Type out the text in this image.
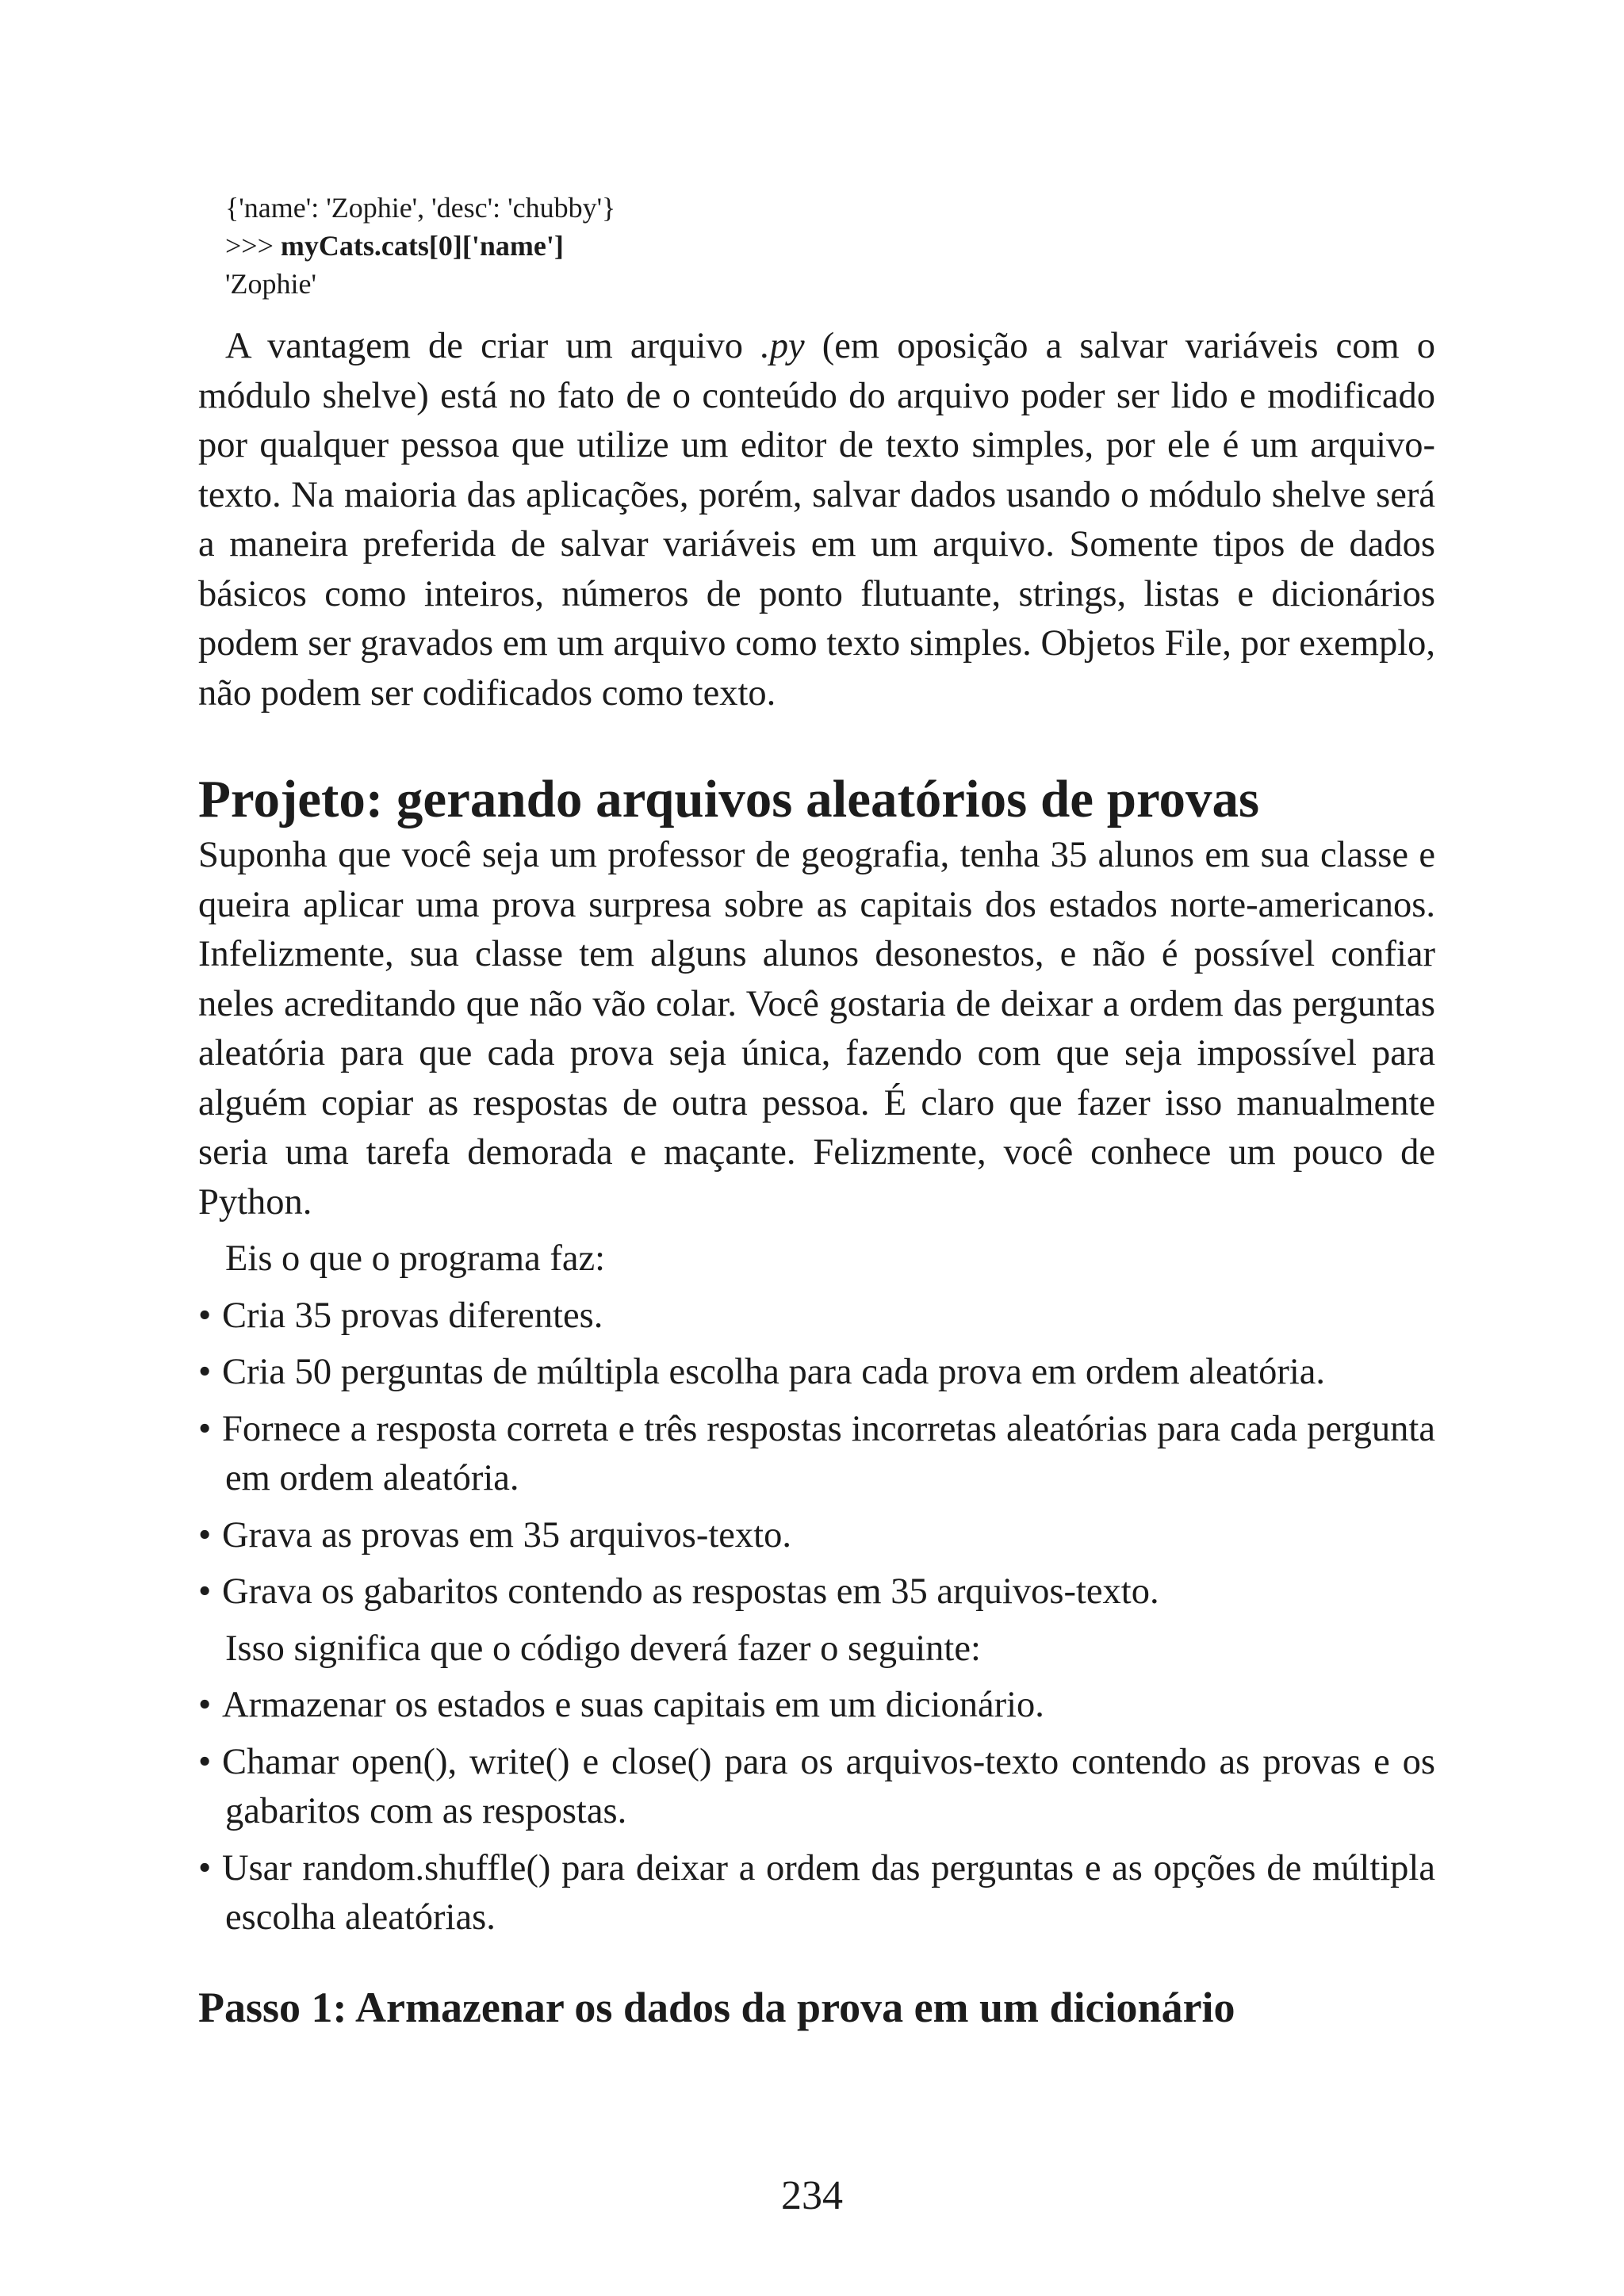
{'name': 'Zophie', 'desc': 'chubby'}
>>> myCats.cats[0]['name']
'Zophie'

A vantagem de criar um arquivo .py (em oposição a salvar variáveis com o módulo shelve) está no fato de o conteúdo do arquivo poder ser lido e modificado por qualquer pessoa que utilize um editor de texto simples, por ele é um arquivo-texto. Na maioria das aplicações, porém, salvar dados usando o módulo shelve será a maneira preferida de salvar variáveis em um arquivo. Somente tipos de dados básicos como inteiros, números de ponto flutuante, strings, listas e dicionários podem ser gravados em um arquivo como texto simples. Objetos File, por exemplo, não podem ser codificados como texto.

Projeto: gerando arquivos aleatórios de provas

Suponha que você seja um professor de geografia, tenha 35 alunos em sua classe e queira aplicar uma prova surpresa sobre as capitais dos estados norte-americanos. Infelizmente, sua classe tem alguns alunos desonestos, e não é possível confiar neles acreditando que não vão colar. Você gostaria de deixar a ordem das perguntas aleatória para que cada prova seja única, fazendo com que seja impossível para alguém copiar as respostas de outra pessoa. É claro que fazer isso manualmente seria uma tarefa demorada e maçante. Felizmente, você conhece um pouco de Python.

Eis o que o programa faz:

• Cria 35 provas diferentes.
• Cria 50 perguntas de múltipla escolha para cada prova em ordem aleatória.
• Fornece a resposta correta e três respostas incorretas aleatórias para cada pergunta em ordem aleatória.
• Grava as provas em 35 arquivos-texto.
• Grava os gabaritos contendo as respostas em 35 arquivos-texto.

Isso significa que o código deverá fazer o seguinte:

• Armazenar os estados e suas capitais em um dicionário.
• Chamar open(), write() e close() para os arquivos-texto contendo as provas e os gabaritos com as respostas.
• Usar random.shuffle() para deixar a ordem das perguntas e as opções de múltipla escolha aleatórias.
Passo 1: Armazenar os dados da prova em um dicionário
234
